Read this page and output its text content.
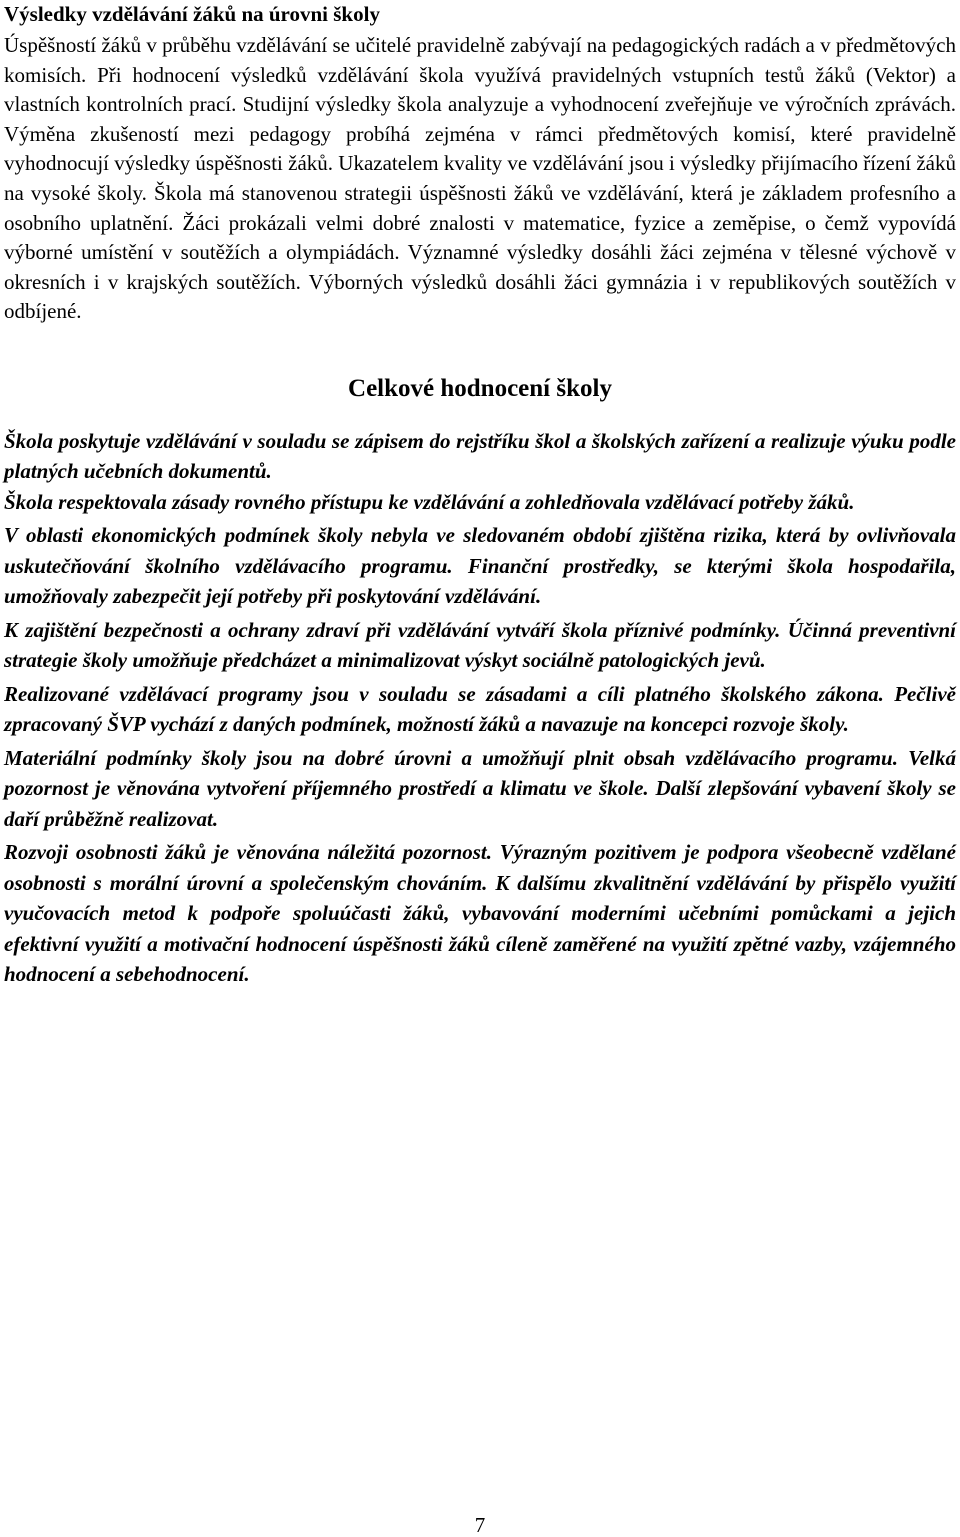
Výsledky vzdělávání žáků na úrovni školy

Úspěšností žáků v průběhu vzdělávání se učitelé pravidelně zabývají na pedagogických radách a v předmětových komisích. Při hodnocení výsledků vzdělávání škola využívá pravidelných vstupních testů žáků (Vektor) a vlastních kontrolních prací. Studijní výsledky škola analyzuje a vyhodnocení zveřejňuje ve výročních zprávách. Výměna zkušeností mezi pedagogy probíhá zejména v rámci předmětových komisí, které pravidelně vyhodnocují výsledky úspěšnosti žáků. Ukazatelem kvality ve vzdělávání jsou i výsledky přijímacího řízení žáků na vysoké školy. Škola má stanovenou strategii úspěšnosti žáků ve vzdělávání, která je základem profesního a osobního uplatnění. Žáci prokázali velmi dobré znalosti v matematice, fyzice a zeměpise, o čemž vypovídá výborné umístění v soutěžích a olympiádách. Významné výsledky dosáhli žáci zejména v tělesné výchově v okresních i v krajských soutěžích. Výborných výsledků dosáhli žáci gymnázia i v republikových soutěžích v odbíjené.

Celkové hodnocení školy

Škola poskytuje vzdělávání v souladu se zápisem do rejstříku škol a školských zařízení a realizuje výuku podle platných učebních dokumentů.

Škola respektovala zásady rovného přístupu ke vzdělávání a zohledňovala vzdělávací potřeby žáků.

V oblasti ekonomických podmínek školy nebyla ve sledovaném období zjištěna rizika, která by ovlivňovala uskutečňování školního vzdělávacího programu. Finanční prostředky, se kterými škola hospodařila, umožňovaly zabezpečit její potřeby při poskytování vzdělávání.

K zajištění bezpečnosti a ochrany zdraví při vzdělávání vytváří škola příznivé podmínky. Účinná preventivní strategie školy umožňuje předcházet a minimalizovat výskyt sociálně patologických jevů.

Realizované vzdělávací programy jsou v souladu se zásadami a cíli platného školského zákona. Pečlivě zpracovaný ŠVP vychází z daných podmínek, možností žáků a navazuje na koncepci rozvoje školy.

Materiální podmínky školy jsou na dobré úrovni a umožňují plnit obsah vzdělávacího programu. Velká pozornost je věnována vytvoření příjemného prostředí a klimatu ve škole. Další zlepšování vybavení školy se daří průběžně realizovat.

Rozvoji osobnosti žáků je věnována náležitá pozornost. Výrazným pozitivem je podpora všeobecně vzdělané osobnosti s morální úrovní a společenským chováním. K dalšímu zkvalitnění vzdělávání by přispělo využití vyučovacích metod k podpoře spoluúčasti žáků, vybavování moderními učebními pomůckami a jejich efektivní využití a motivační hodnocení úspěšnosti žáků cíleně zaměřené na využití zpětné vazby, vzájemného hodnocení a sebehodnocení.

7
